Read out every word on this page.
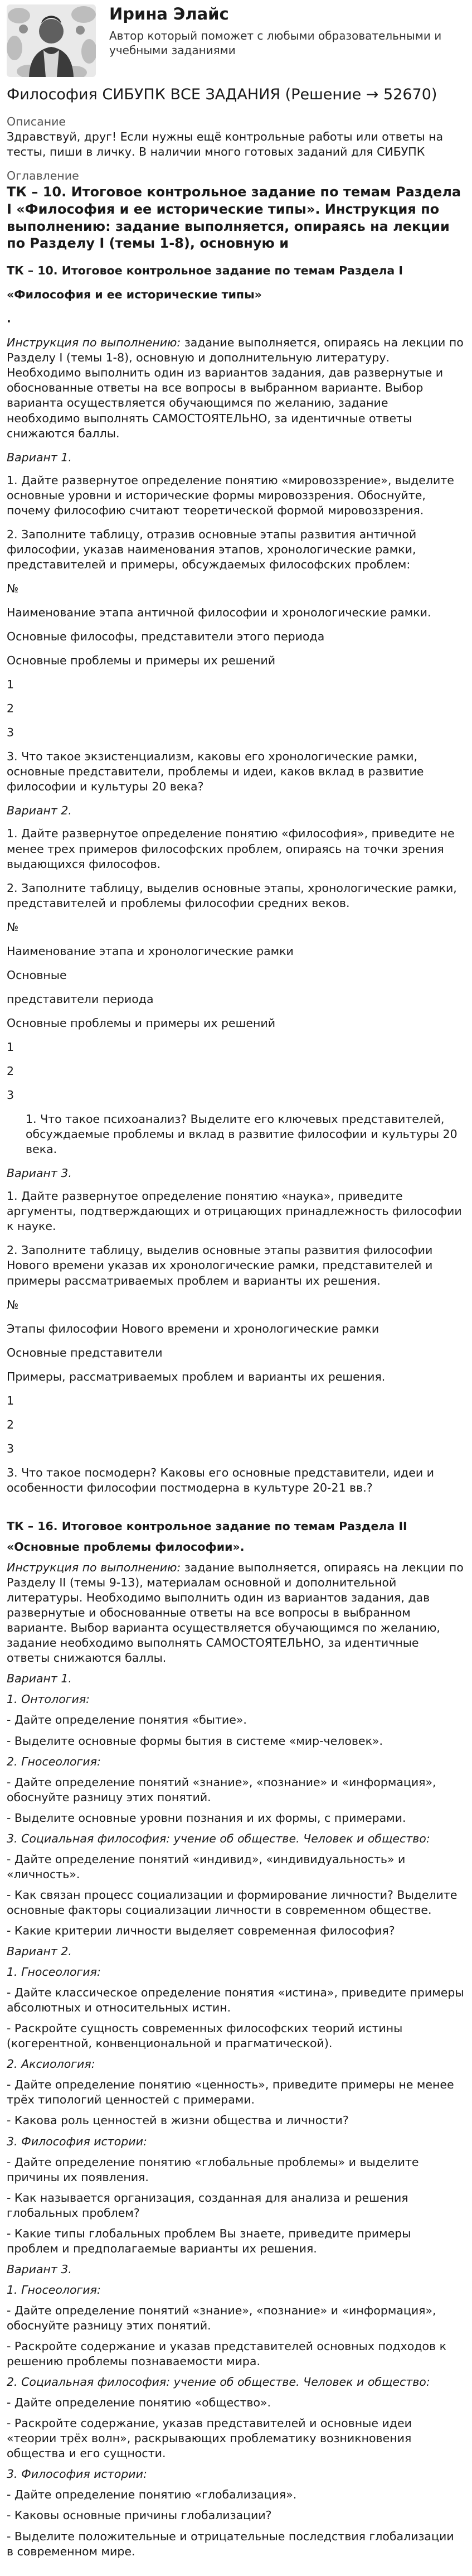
Ирина Элайс
Автор который поможет с любыми образовательными и учебными заданиями
Философия СИБУПК ВСЕ ЗАДАНИЯ (Решение → 52670)
Описание
Здравствуй, друг! Если нужны ещё контрольные работы или ответы на тесты, пиши в личку. В наличии много готовых заданий для СИБУПК
Оглавление
ТК – 10. Итоговое контрольное задание по темам Раздела I «Философия и ее исторические типы». Инструкция по выполнению: задание выполняется, опираясь на лекции по Разделу I (темы 1-8), основную и

ТК – 10. Итоговое контрольное задание по темам Раздела I

«Философия и ее исторические типы»

.

Инструкция по выполнению: задание выполняется, опираясь на лекции по Разделу I (темы 1-8), основную и дополнительную литературу. Необходимо выполнить один из вариантов задания, дав развернутые и обоснованные ответы на все вопросы в выбранном варианте. Выбор варианта осуществляется обучающимся по желанию, задание необходимо выполнять САМОСТОЯТЕЛЬНО, за идентичные ответы снижаются баллы.

Вариант 1.

1. Дайте развернутое определение понятию «мировоззрение», выделите основные уровни и исторические формы мировоззрения. Обоснуйте, почему философию считают теоретической формой мировоззрения.

2. Заполните таблицу, отразив основные этапы развития античной философии, указав наименования этапов, хронологические рамки, представителей и примеры, обсуждаемых философских проблем:

№

Наименование этапа античной философии и хронологические рамки.

Основные философы, представители этого периода

Основные проблемы и примеры их решений

1

2

3

3. Что такое экзистенциализм, каковы его хронологические рамки, основные представители, проблемы и идеи, каков вклад в развитие философии и культуры 20 века?

Вариант 2.

1. Дайте развернутое определение понятию «философия», приведите не менее трех примеров философских проблем, опираясь на точки зрения выдающихся философов.

2. Заполните таблицу, выделив основные этапы, хронологические рамки, представителей и проблемы философии средних веков.

№

Наименование этапа и хронологические рамки

Основные

представители периода

Основные проблемы и примеры их решений

1

2

3

1. Что такое психоанализ? Выделите его ключевых представителей, обсуждаемые проблемы и вклад в развитие философии и культуры 20 века.

Вариант 3.

1. Дайте развернутое определение понятию «наука», приведите аргументы, подтверждающих и отрицающих принадлежность философии к науке.

2. Заполните таблицу, выделив основные этапы развития философии Нового времени указав их хронологические рамки, представителей и примеры рассматриваемых проблем и варианты их решения.

№

Этапы философии Нового времени и хронологические рамки

Основные представители

Примеры, рассматриваемых проблем и варианты их решения.

1

2

3

3. Что такое посмодерн? Каковы его основные представители, идеи и особенности философии постмодерна в культуре 20-21 вв.?

ТК – 16. Итоговое контрольное задание по темам Раздела II

«Основные проблемы философии».

Инструкция по выполнению: задание выполняется, опираясь на лекции по Разделу II (темы 9-13), материалам основной и дополнительной литературы. Необходимо выполнить один из вариантов задания, дав развернутые и обоснованные ответы на все вопросы в выбранном варианте. Выбор варианта осуществляется обучающимся по желанию, задание необходимо выполнять САМОСТОЯТЕЛЬНО, за идентичные ответы снижаются баллы.

Вариант 1.

1. Онтология:

- Дайте определение понятия «бытие».

- Выделите основные формы бытия в системе «мир-человек».

2. Гносеология:

- Дайте определение понятий «знание», «познание» и «информация», обоснуйте разницу этих понятий.

- Выделите основные уровни познания и их формы, с примерами.

3. Социальная философия: учение об обществе. Человек и общество:

- Дайте определение понятий «индивид», «индивидуальность» и «личность».

- Как связан процесс социализации и формирование личности? Выделите основные факторы социализации личности в современном обществе.

- Какие критерии личности выделяет современная философия?

Вариант 2.

1. Гносеология:

- Дайте классическое определение понятия «истина», приведите примеры абсолютных и относительных истин.

- Раскройте сущность современных философских теорий истины (когерентной, конвенциональной и прагматической).

2. Аксиология:

- Дайте определение понятию «ценность», приведите примеры не менее трёх типологий ценностей с примерами.

- Какова роль ценностей в жизни общества и личности?

3. Философия истории:

- Дайте определение понятию «глобальные проблемы» и выделите причины их появления.

- Как называется организация, созданная для анализа и решения глобальных проблем?

- Какие типы глобальных проблем Вы знаете, приведите примеры проблем и предполагаемые варианты их решения.

Вариант 3.

1. Гносеология:

- Дайте определение понятий «знание», «познание» и «информация», обоснуйте разницу этих понятий.

- Раскройте содержание и указав представителей основных подходов к решению проблемы познаваемости мира.

2. Социальная философия: учение об обществе. Человек и общество:

- Дайте определение понятию «общество».

- Раскройте содержание, указав представителей и основные идеи «теории трёх волн», раскрывающих проблематику возникновения общества и его сущности.

3. Философия истории:

- Дайте определение понятию «глобализация».

- Каковы основные причины глобализации?

- Выделите положительные и отрицательные последствия глобализации в современном мире.
